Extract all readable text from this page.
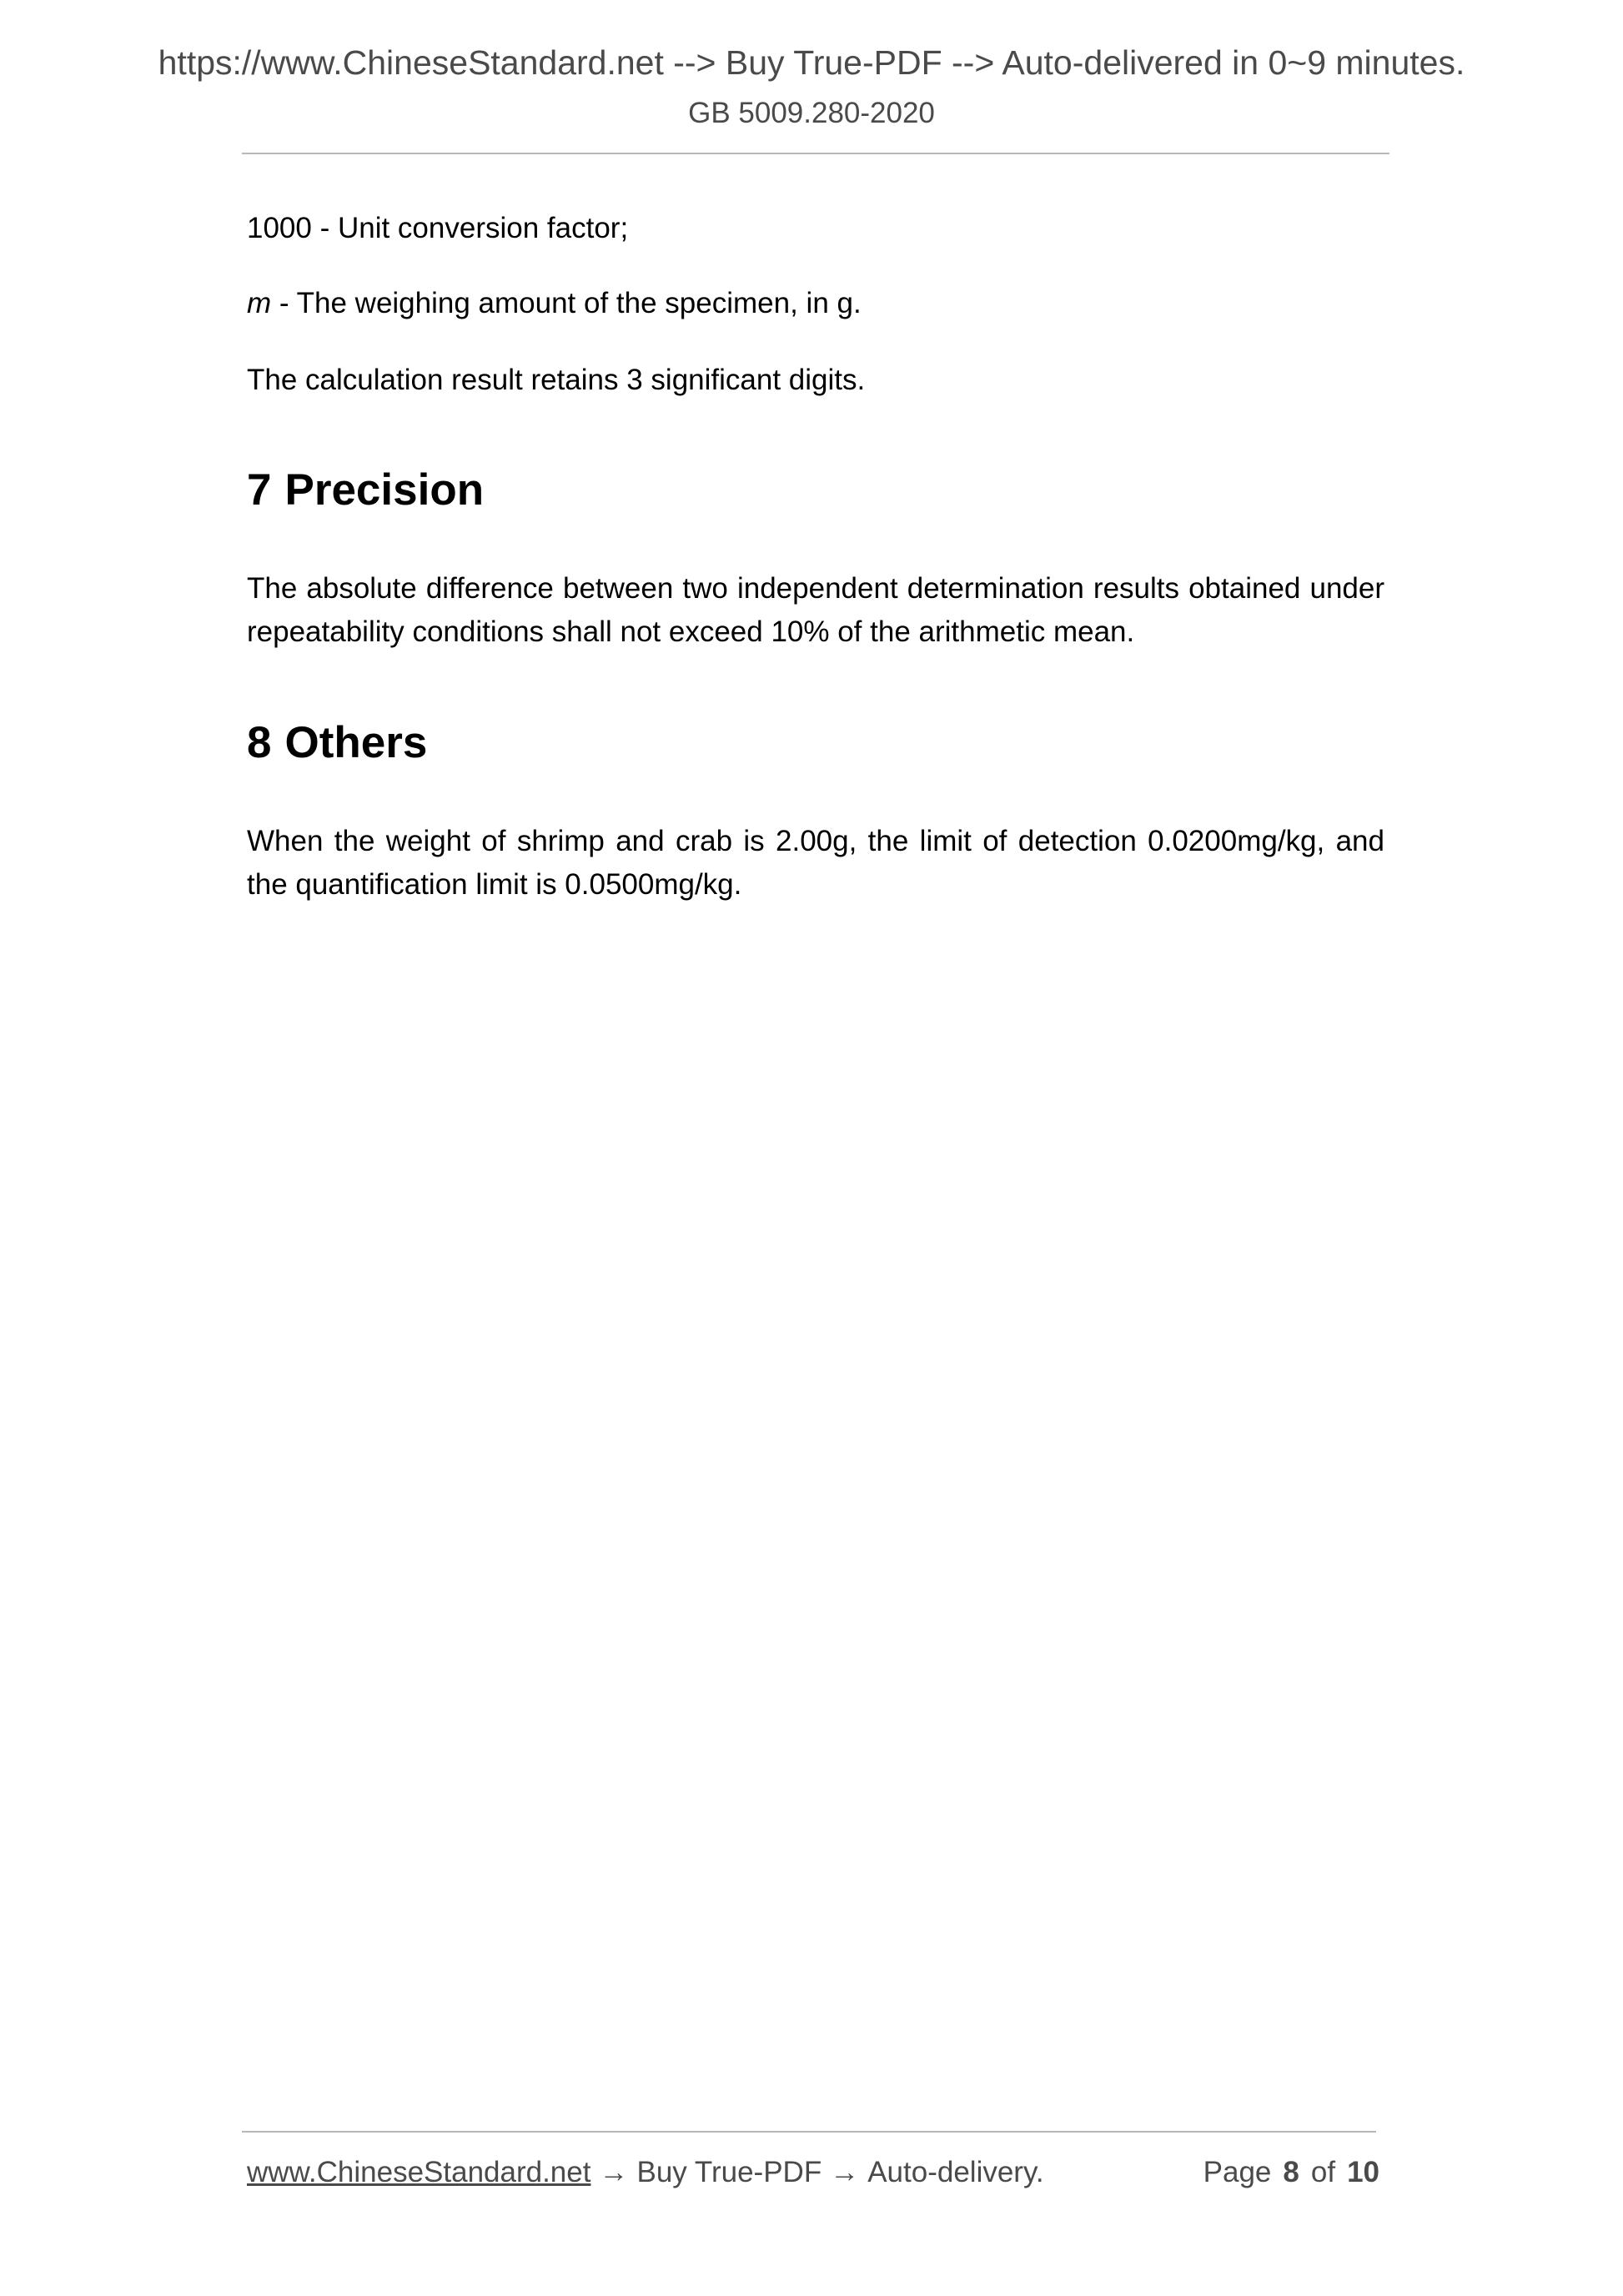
https://www.ChineseStandard.net --> Buy True-PDF --> Auto-delivered in 0~9 minutes.
GB 5009.280-2020

1000 - Unit conversion factor;

m - The weighing amount of the specimen, in g.

The calculation result retains 3 significant digits.

7 Precision

The absolute difference between two independent determination results obtained under repeatability conditions shall not exceed 10% of the arithmetic mean.

8 Others

When the weight of shrimp and crab is 2.00g, the limit of detection 0.0200mg/kg, and the quantification limit is 0.0500mg/kg.

www.ChineseStandard.net → Buy True-PDF → Auto-delivery.	Page 8 of 10
